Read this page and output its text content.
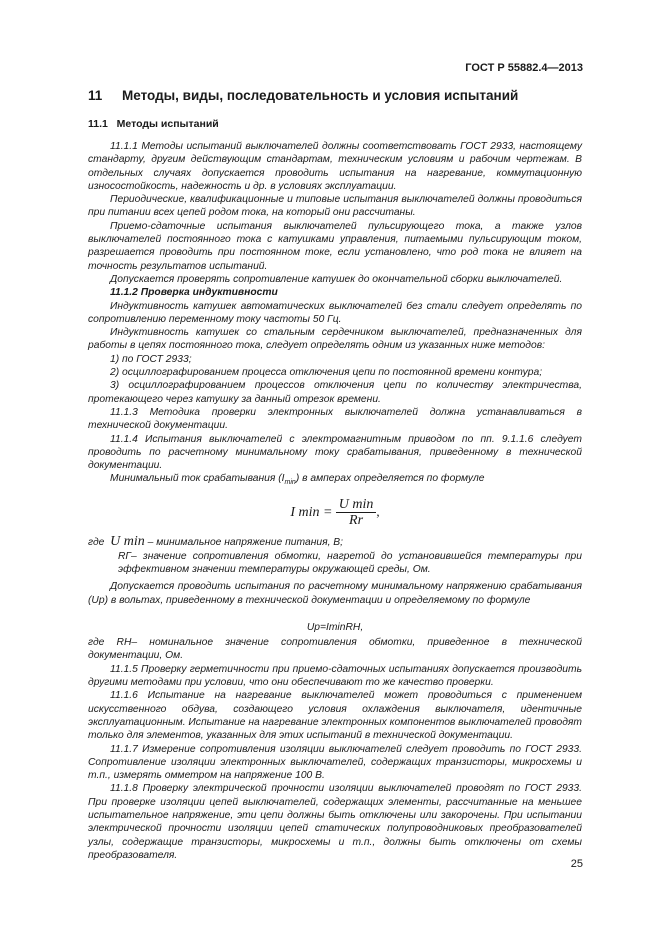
ГОСТ Р 55882.4—2013
11 Методы, виды, последовательность и условия испытаний
11.1 Методы испытаний

11.1.1 Методы испытаний выключателей должны соответствовать ГОСТ 2933, настоящему стандарту, другим действующим стандартам, техническим условиям и рабочим чертежам. В отдельных случаях допускается проводить испытания на нагревание, коммутационную износостойкость, надежность и др. в условиях эксплуатации.

Периодические, квалификационные и типовые испытания выключателей должны проводиться при питании всех цепей родом тока, на который они рассчитаны.

Приемо-сдаточные испытания выключателей пульсирующего тока, а также узлов выключателей постоянного тока с катушками управления, питаемыми пульсирующим током, разрешается проводить при постоянном токе, если установлено, что род тока не влияет на точность результатов испытаний.

Допускается проверять сопротивление катушек до окончательной сборки выключателей.

11.1.2 Проверка индуктивности

Индуктивность катушек автоматических выключателей без стали следует определять по сопротивлению переменному току частоты 50 Гц.

Индуктивность катушек со стальным сердечником выключателей, предназначенных для работы в цепях постоянного тока, следует определять одним из указанных ниже методов:

1) по ГОСТ 2933;

2) осциллографированием процесса отключения цепи по постоянной времени контура;

3) осциллографированием процессов отключения цепи по количеству электричества, протекающего через катушку за данный отрезок времени.

11.1.3 Методика проверки электронных выключателей должна устанавливаться в технической документации.

11.1.4 Испытания выключателей с электромагнитным приводом по пп. 9.1.1.6 следует проводить по расчетному минимальному току срабатывания, приведенному в технической документации.

Минимальный ток срабатывания $(I_{min})$ в амперах определяется по формуле

I $\min = \frac{\text{U min}}{Rr}$ ,

где U min – минимальное напряжение питания, В;

RГ– значение сопротивления обмотки, нагретой до установившейся температуры при эффективном значении температуры окружающей среды, Ом.

Допускается проводить испытания по расчетному минимальному напряжению срабатывания (Up) в вольтах, приведенному в технической документации и определяемому по формуле

Up=IminRH,

где RH– номинальное значение сопротивления обмотки, приведенное в технической документации, Ом.

11.1.5 Проверку герметичности при приемо-сдаточных испытаниях допускается производить другими методами при условии, что они обеспечивают то же качество проверки.

11.1.6 Испытание на нагревание выключателей может проводиться с применением искусственного обдува, создающего условия охлаждения выключателя, идентичные эксплуатационным. Испытание на нагревание электронных компонентов выключателей проводят только для элементов, указанных для этих испытаний в технической документации.

11.1.7 Измерение сопротивления изоляции выключателей следует проводить по ГОСТ 2933. Сопротивление изоляции электронных выключателей, содержащих транзисторы, микросхемы и т.п., измерять омметром на напряжение 100 В.

11.1.8 Проверку электрической прочности изоляции выключателей проводят по ГОСТ 2933. При проверке изоляции цепей выключателей, содержащих элементы, рассчитанные на меньшее испытательное напряжение, эти цепи должны быть отключены или закорочены. При испытании электрической прочности изоляции цепей статических полупроводниковых преобразователей узлы, содержащие транзисторы, микросхемы и т.п., должны быть отключены от схемы преобразователя.

25
